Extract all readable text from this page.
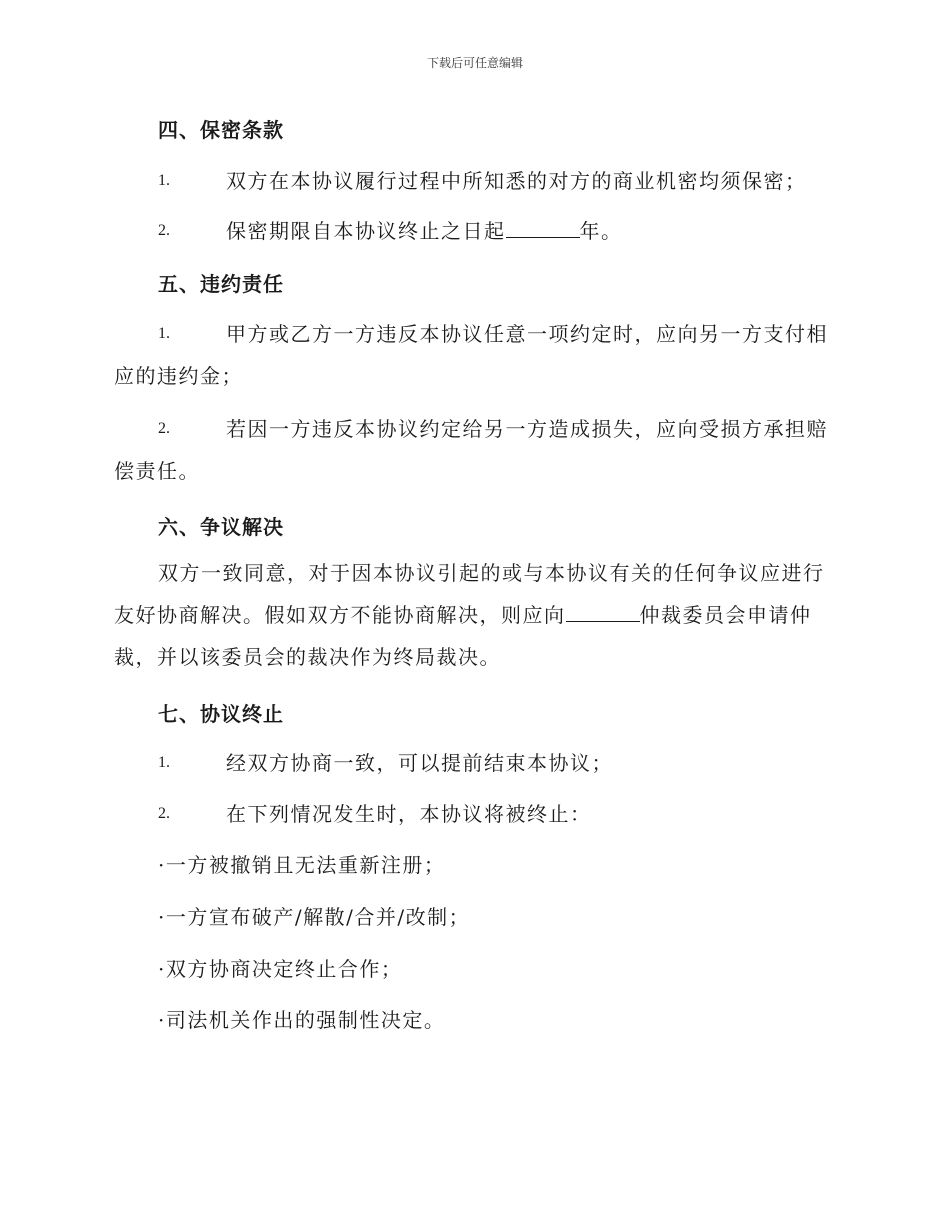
下载后可任意编辑
四、保密条款
1.	双方在本协议履行过程中所知悉的对方的商业机密均须保密；
2.	保密期限自本协议终止之日起	年。
五、违约责任
1.	甲方或乙方一方违反本协议任意一项约定时，应向另一方支付相应的违约金；
2.	若因一方违反本协议约定给另一方造成损失，应向受损方承担赔偿责任。
六、争议解决
双方一致同意，对于因本协议引起的或与本协议有关的任何争议应进行友好协商解决。假如双方不能协商解决，则应向	仲裁委员会申请仲裁，并以该委员会的裁决作为终局裁决。
七、协议终止
1.	经双方协商一致，可以提前结束本协议；
2.	在下列情况发生时，本协议将被终止：
·一方被撤销且无法重新注册；
·一方宣布破产/解散/合并/改制；
·双方协商决定终止合作；
·司法机关作出的强制性决定。
